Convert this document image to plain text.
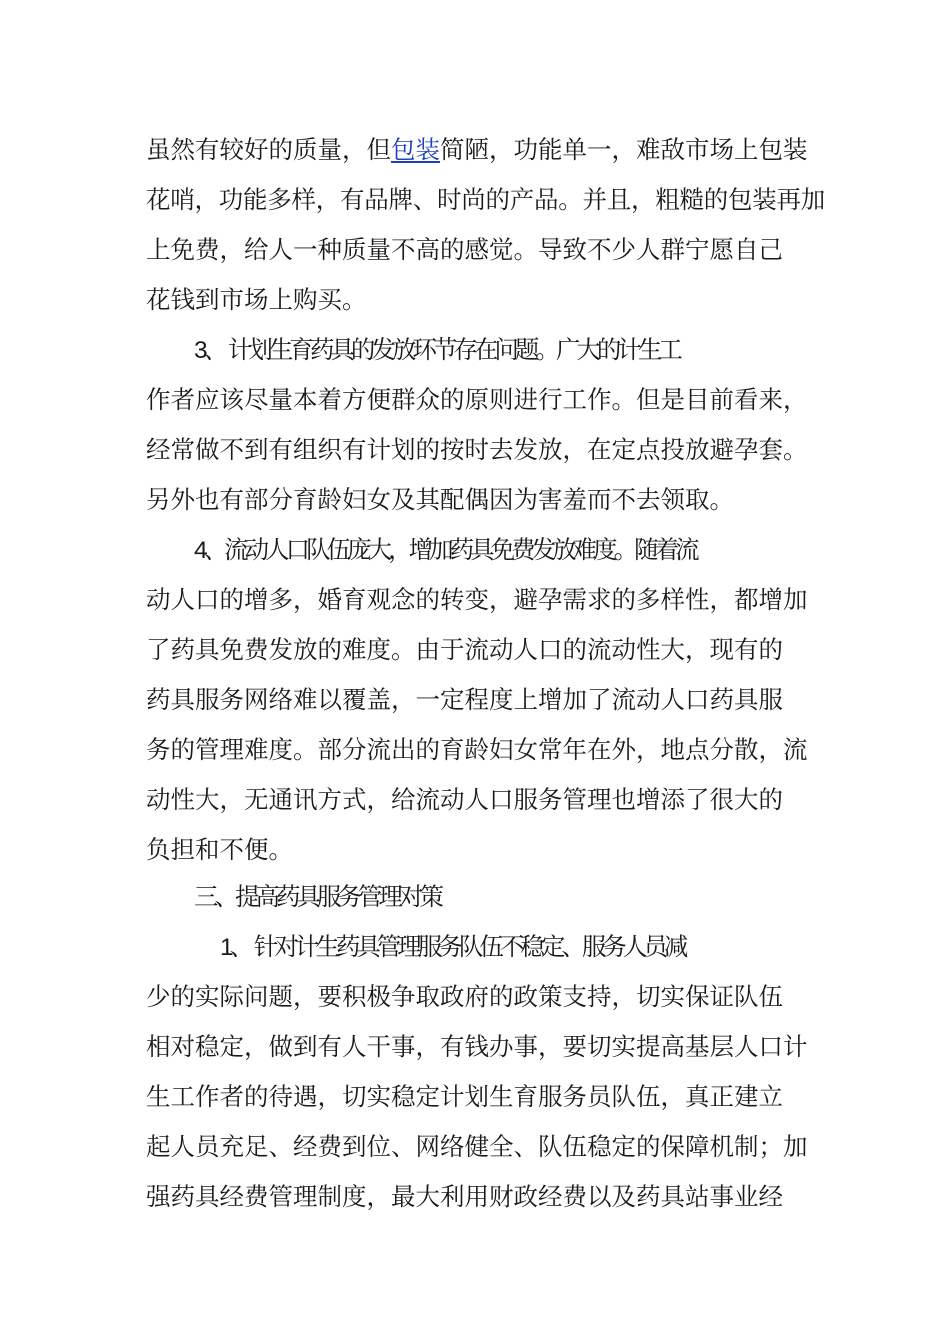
虽然有较好的质量，但包装简陋，功能单一，难敌市场上包装
花哨，功能多样，有品牌、时尚的产品。并且，粗糙的包装再加
上免费，给人一种质量不高的感觉。导致不少人群宁愿自己
花钱到市场上购买。
3、 计划生育药具的发放环节存在问题。广大的计生工
作者应该尽量本着方便群众的原则进行工作。但是目前看来，
经常做不到有组织有计划的按时去发放，在定点投放避孕套。
另外也有部分育龄妇女及其配偶因为害羞而不去领取。
4、流动人口队伍庞大，增加药具免费发放难度。随着流
动人口的增多，婚育观念的转变，避孕需求的多样性，都增加
了药具免费发放的难度。由于流动人口的流动性大，现有的
药具服务网络难以覆盖，一定程度上增加了流动人口药具服
务的管理难度。部分流出的育龄妇女常年在外，地点分散，流
动性大，无通讯方式，给流动人口服务管理也增添了很大的
负担和不便。
三、提高药具服务管理对策
1、 针对计生药具管理服务队伍不稳定、服务人员减
少的实际问题，要积极争取政府的政策支持，切实保证队伍
相对稳定，做到有人干事，有钱办事，要切实提高基层人口计
生工作者的待遇，切实稳定计划生育服务员队伍，真正建立
起人员充足、经费到位、网络健全、队伍稳定的保障机制；加
强药具经费管理制度，最大利用财政经费以及药具站事业经
